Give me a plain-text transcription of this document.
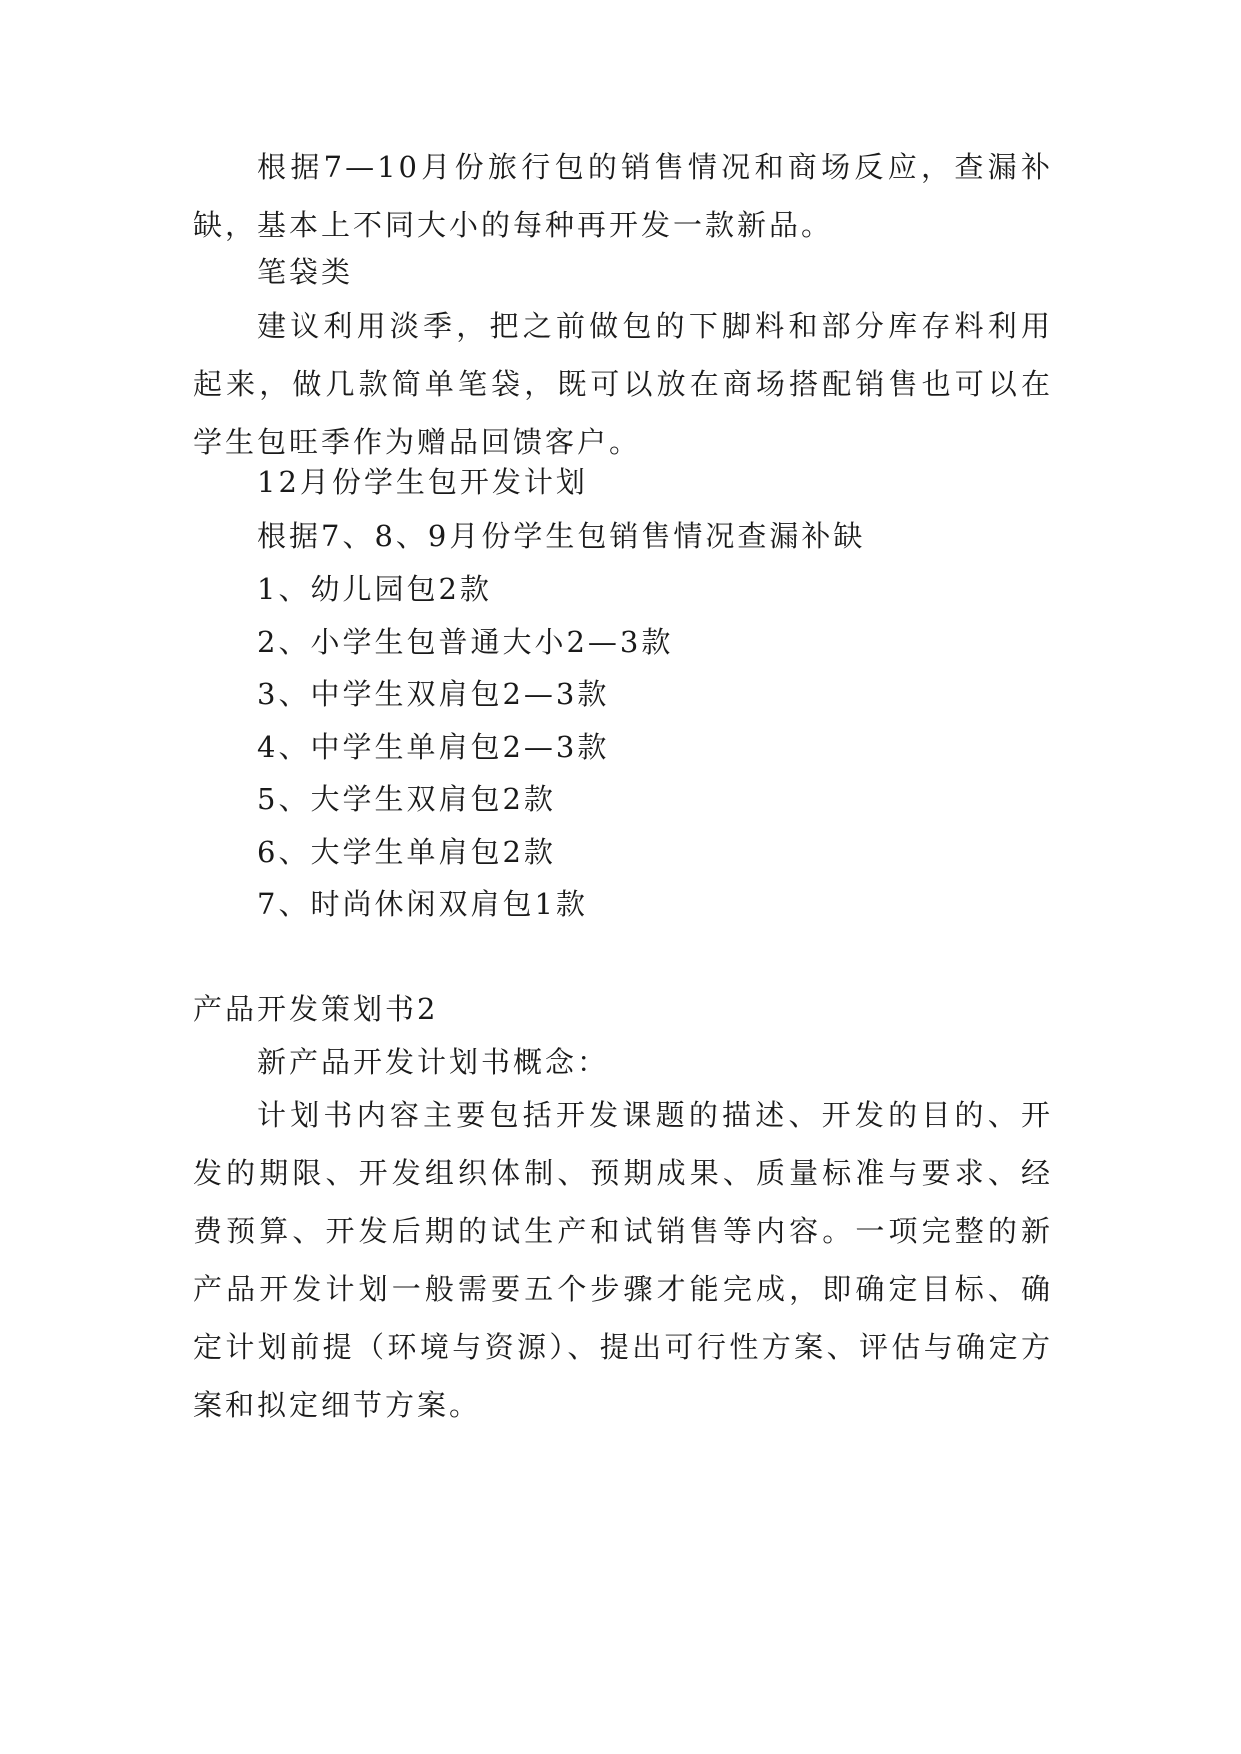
根据7—10月份旅行包的销售情况和商场反应，查漏补缺，基本上不同大小的每种再开发一款新品。

笔袋类

建议利用淡季，把之前做包的下脚料和部分库存料利用起来，做几款简单笔袋，既可以放在商场搭配销售也可以在学生包旺季作为赠品回馈客户。

12月份学生包开发计划

根据7、8、9月份学生包销售情况查漏补缺

1、幼儿园包2款

2、小学生包普通大小2—3款

3、中学生双肩包2—3款

4、中学生单肩包2—3款

5、大学生双肩包2款

6、大学生单肩包2款

7、时尚休闲双肩包1款

产品开发策划书2

新产品开发计划书概念：

计划书内容主要包括开发课题的描述、开发的目的、开发的期限、开发组织体制、预期成果、质量标准与要求、经费预算、开发后期的试生产和试销售等内容。一项完整的新产品开发计划一般需要五个步骤才能完成，即确定目标、确定计划前提（环境与资源）、提出可行性方案、评估与确定方案和拟定细节方案。
